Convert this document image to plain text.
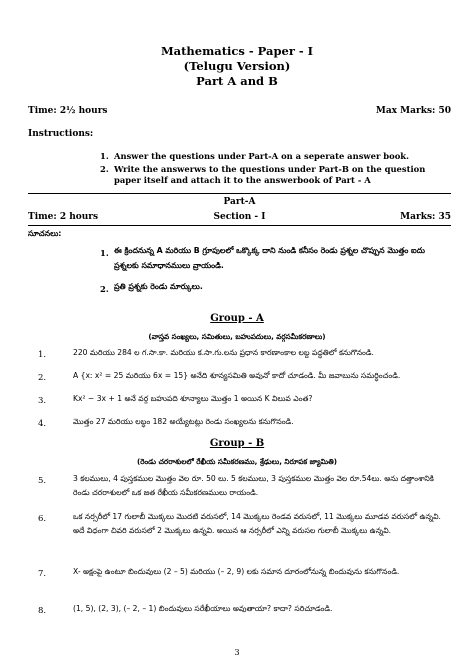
Mathematics - Paper - I
(Telugu Version)
Part A and B
Time: 2½ hours	Max Marks: 50
Instructions:
1. Answer the questions under Part-A on a seperate answer book.
2. Write the answerws to the questions under Part-B on the question paper itself and attach it to the answerbook of Part - A
Part-A
Time: 2 hours	Section - I	Marks: 35
సూచనలు:
1. ఈ క్రిందనున్న A మరియు B గ్రూపులలో ఒక్కొక్క దాని నుండి కనీసం రెండు ప్రశ్నల చొప్పున మొత్తం ఐదు ప్రశ్నలకు సమాధానములు వ్రాయండి.
2. ప్రతి ప్రశ్నకు రెండు మార్కులు.
Group - A
(వాస్తవ సంఖ్యలు, సమితులు, బహుపదులు, వర్గసమీకరణాలు)
1.	220 మరియు 284 ల గ.సా.కా. మరియు క.సా.గు.లను ప్రధాన కారణాంకాల లబ్ద పద్ధతిలో కనుగొనండి.
2.	A {x: x² = 25 మరియు 6x = 15} అనేది శూన్యసమితి అవునో కాదో చూడండి. మీ జవాబును సమర్ధించండి.
3.	Kx² − 3x + 1 అనే వర్గ బహుపది శూన్యాలు మొత్తం 1 అయిన K విలువ ఎంత?
4.	మొత్తం 27 మరియు లబ్ధం 182 అయ్యేటట్లు రెండు సంఖ్యలను కనుగొనండి.
Group - B
(రెండు చరరాశులలో రేఖీయ సమీకరణము, శ్రేఢులు, నిరూపక జ్యామితి)
5.	3 కలములు, 4 పుస్తకముల మొత్తం వెల రూ. 50 లు. 5 కలములు, 3 పుస్తకముల మొత్తం వెల రూ.54లు. అను దత్తాంశానికి రెండు చరరాశులలో ఒక జత రేఖీయ సమీకరణములు రాయండి.
6.	ఒక నర్సరీలో 17 గులాబీ మొక్కలు మొదటి వరుసలో, 14 మొక్కలు రెండవ వరుసలో, 11 మొక్కలు మూడవ వరుసలో ఉన్నవి. అదే విధంగా చివరి వరుసలో 2 మొక్కలు ఉన్నవి. అయిన ఆ నర్సరీలో ఎన్ని వరుసల గులాబీ మొక్కలు ఉన్నవి.
7.	X- అక్షంపై ఉంటూ బిందువులు (2 – 5) మరియు (– 2, 9) లకు సమాన దూరంలోనున్న బిందువును కనుగొనండి.
8.	(1, 5), (2, 3), (– 2, – 1) బిందువులు సరేఖీయాలు అవుతాయా? కాదా? సరిచూడండి.
3
